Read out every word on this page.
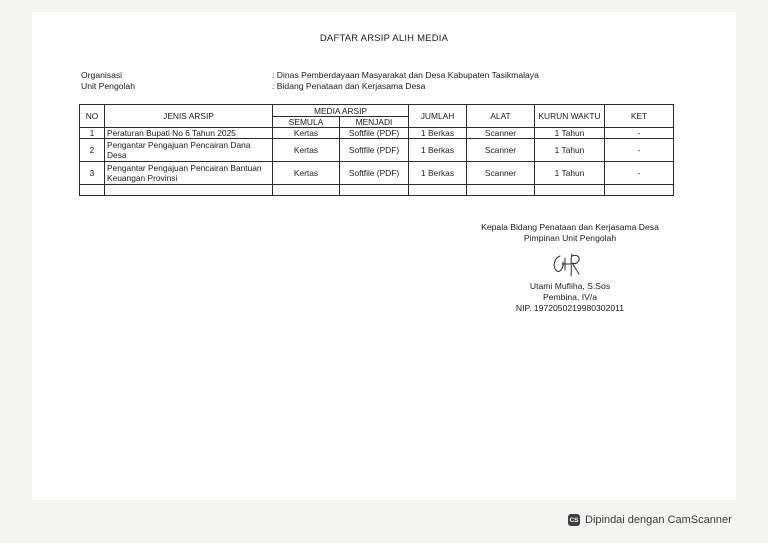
DAFTAR ARSIP ALIH MEDIA
Organisasi	: Dinas Pemberdayaan Masyarakat dan Desa Kabupaten Tasikmalaya
Unit Pengolah	: Bidang Penataan dan Kerjasama Desa
NO	JENIS ARSIP	MEDIA ARSIP		JUMLAH	ALAT	KURUN WAKTU	KET
		SEMULA	MENJADI				
1	Peraturan Bupati No 6 Tahun 2025	Kertas	Softfile (PDF)	1 Berkas	Scanner	1 Tahun	-
2	Pengantar Pengajuan Pencairan Dana Desa	Kertas	Softfile (PDF)	1 Berkas	Scanner	1 Tahun	-
3	Pengantar Pengajuan Pencairan Bantuan Keuangan Provinsi	Kertas	Softfile (PDF)	1 Berkas	Scanner	1 Tahun	-

Kepala Bidang Penataan dan Kerjasama Desa
Pimpinan Unit Pengolah
Utami Mufliha, S.Sos
Pembina, IV/a
NIP. 197205021998030201​1
CS Dipindai dengan CamScanner
